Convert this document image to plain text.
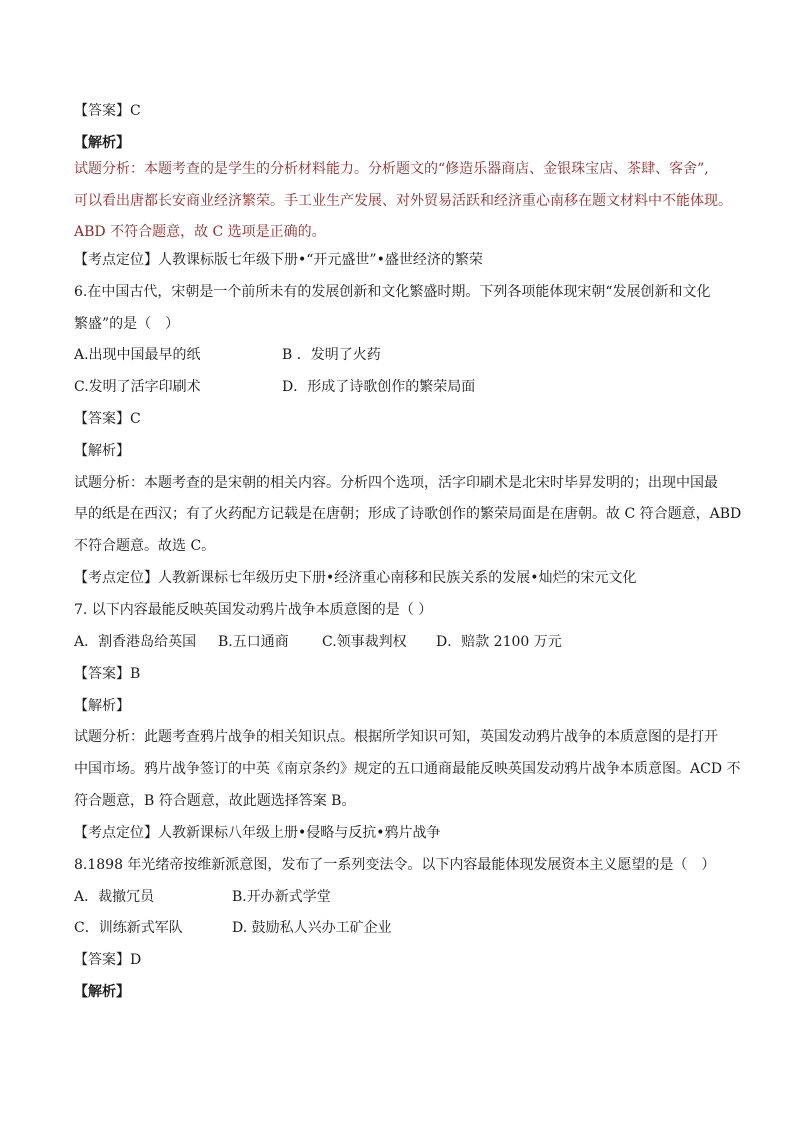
【答案】C
【解析】
试题分析：本题考查的是学生的分析材料能力。分析题文的“修造乐器商店、金银珠宝店、茶肆、客舍”,
可以看出唐都长安商业经济繁荣。手工业生产发展、对外贸易活跃和经济重心南移在题文材料中不能体现。
ABD 不符合题意，故 C 选项是正确的。
【考点定位】人教课标版七年级下册•“开元盛世”•盛世经济的繁荣
6.在中国古代，宋朝是一个前所未有的发展创新和文化繁盛时期。下列各项能体现宋朝“发展创新和文化
繁盛”的是（　）
A.出现中国最早的纸	B ．发明了火药
C.发明了活字印刷术	D．形成了诗歌创作的繁荣局面
【答案】C
【解析】
试题分析：本题考查的是宋朝的相关内容。分析四个选项，活字印刷术是北宋时毕昇发明的；出现中国最
早的纸是在西汉；有了火药配方记载是在唐朝；形成了诗歌创作的繁荣局面是在唐朝。故 C 符合题意，ABD
不符合题意。故选 C。
【考点定位】人教新课标七年级历史下册•经济重心南移和民族关系的发展•灿烂的宋元文化
7. 以下内容最能反映英国发动鸦片战争本质意图的是（ ）
A．割香港岛给英国 B.五口通商 C.领事裁判权 D．赔款 2100 万元
【答案】B
【解析】
试题分析：此题考查鸦片战争的相关知识点。根据所学知识可知，英国发动鸦片战争的本质意图的是打开
中国市场。鸦片战争签订的中英《南京条约》规定的五口通商最能反映英国发动鸦片战争本质意图。ACD 不
符合题意，B 符合题意，故此题选择答案 B。
【考点定位】人教新课标八年级上册•侵略与反抗•鸦片战争
8.1898 年光绪帝按维新派意图，发布了一系列变法令。以下内容最能体现发展资本主义愿望的是（　）
A．裁撤冗员	B.开办新式学堂
C．训练新式军队	D. 鼓励私人兴办工矿企业
【答案】D
【解析】
